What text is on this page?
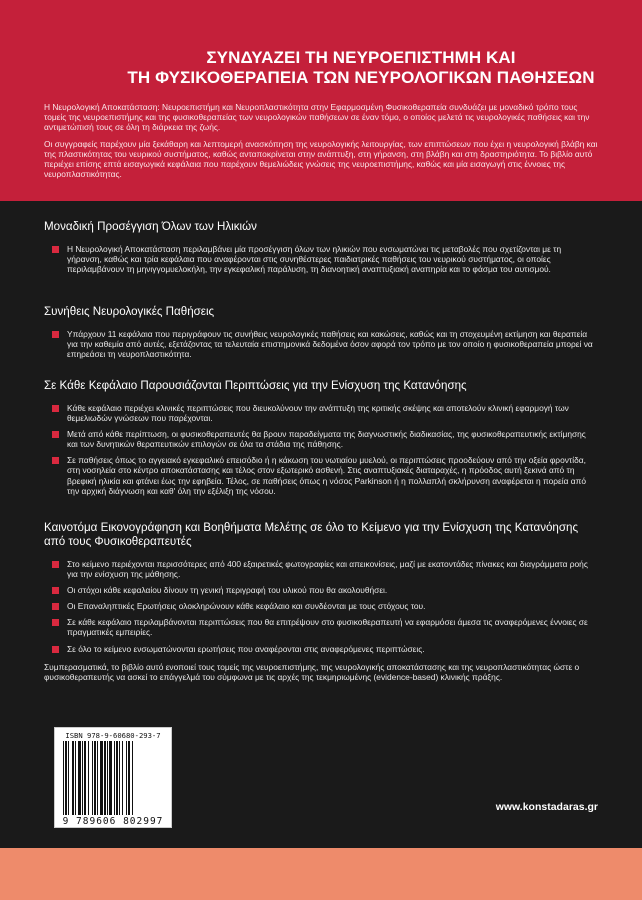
ΣΥΝΔΥΑΖΕΙ ΤΗ ΝΕΥΡΟΕΠΙΣΤΗΜΗ ΚΑΙ
ΤΗ ΦΥΣΙΚΟΘΕΡΑΠΕΙΑ ΤΩΝ ΝΕΥΡΟΛΟΓΙΚΩΝ ΠΑΘΗΣΕΩΝ

Η Νευρολογική Αποκατάσταση: Νευροεπιστήμη και Νευροπλαστικότητα στην Εφαρμοσμένη Φυσικοθεραπεία συνδυάζει με μοναδικό τρόπο τους τομείς της νευροεπιστήμης και της φυσικοθεραπείας των νευρολογικών παθήσεων σε έναν τόμο, ο οποίος μελετά τις νευρολογικές παθήσεις και την αντιμετώπισή τους σε όλη τη διάρκεια της ζωής.

Οι συγγραφείς παρέχουν μία ξεκάθαρη και λεπτομερή ανασκόπηση της νευρολογικής λειτουργίας, των επιπτώσεων που έχει η νευρολογική βλάβη και της πλαστικότητας του νευρικού συστήματος, καθώς ανταποκρίνεται στην ανάπτυξη, στη γήρανση, στη βλάβη και στη δραστηριότητα. Το βιβλίο αυτό περιέχει επίσης επτά εισαγωγικά κεφάλαια που παρέχουν θεμελιώδεις γνώσεις της νευροεπιστήμης, καθώς και μία εισαγωγή στις έννοιες της νευροπλαστικότητας.

Μοναδική Προσέγγιση Όλων των Ηλικιών
Η Νευρολογική Αποκατάσταση περιλαμβάνει μία προσέγγιση όλων των ηλικιών που ενσωματώνει τις μεταβολές που σχετίζονται με τη γήρανση, καθώς και τρία κεφάλαια που αναφέρονται στις συνηθέστερες παιδιατρικές παθήσεις του νευρικού συστήματος, οι οποίες περιλαμβάνουν τη μηνιγγομυελοκήλη, την εγκεφαλική παράλυση, τη διανοητική αναπτυξιακή αναπηρία και το φάσμα του αυτισμού.
Συνήθεις Νευρολογικές Παθήσεις
Υπάρχουν 11 κεφάλαια που περιγράφουν τις συνήθεις νευρολογικές παθήσεις και κακώσεις, καθώς και τη στοχευμένη εκτίμηση και θεραπεία για την καθεμία από αυτές, εξετάζοντας τα τελευταία επιστημονικά δεδομένα όσον αφορά τον τρόπο με τον οποίο η φυσικοθεραπεία μπορεί να επηρεάσει τη νευροπλαστικότητα.
Σε Κάθε Κεφάλαιο Παρουσιάζονται Περιπτώσεις για την Ενίσχυση της Κατανόησης
Κάθε κεφάλαιο περιέχει κλινικές περιπτώσεις που διευκολύνουν την ανάπτυξη της κριτικής σκέψης και αποτελούν κλινική εφαρμογή των θεμελιωδών γνώσεων που παρέχονται.
Μετά από κάθε περίπτωση, οι φυσικοθεραπευτές θα βρουν παραδείγματα της διαγνωστικής διαδικασίας, της φυσικοθεραπευτικής εκτίμησης και των δυνητικών θεραπευτικών επιλογών σε όλα τα στάδια της πάθησης.
Σε παθήσεις όπως το αγγειακό εγκεφαλικό επεισόδιο ή η κάκωση του νωτιαίου μυελού, οι περιπτώσεις προοδεύουν από την οξεία φροντίδα, στη νοσηλεία στο κέντρο αποκατάστασης και τέλος στον εξωτερικό ασθενή. Στις αναπτυξιακές διαταραχές, η πρόοδος αυτή ξεκινά από τη βρεφική ηλικία και φτάνει έως την εφηβεία. Τέλος, σε παθήσεις όπως η νόσος Parkinson ή η πολλαπλή σκλήρυνση αναφέρεται η πορεία από την αρχική διάγνωση και καθ' όλη την εξέλιξη της νόσου.
Καινοτόμα Εικονογράφηση και Βοηθήματα Μελέτης σε όλο το Κείμενο για την Ενίσχυση της Κατανόησης από τους Φυσικοθεραπευτές
Στο κείμενο περιέχονται περισσότερες από 400 εξαιρετικές φωτογραφίες και απεικονίσεις, μαζί με εκατοντάδες πίνακες και διαγράμματα ροής για την ενίσχυση της μάθησης.
Οι στόχοι κάθε κεφαλαίου δίνουν τη γενική περιγραφή του υλικού που θα ακολουθήσει.
Οι Επαναληπτικές Ερωτήσεις ολοκληρώνουν κάθε κεφάλαιο και συνδέονται με τους στόχους του.
Σε κάθε κεφάλαιο περιλαμβάνονται περιπτώσεις που θα επιτρέψουν στο φυσικοθεραπευτή να εφαρμόσει άμεσα τις αναφερόμενες έννοιες σε πραγματικές εμπειρίες.
Σε όλο το κείμενο ενσωματώνονται ερωτήσεις που αναφέρονται στις αναφερόμενες περιπτώσεις.
Συμπερασματικά, το βιβλίο αυτό ενοποιεί τους τομείς της νευροεπιστήμης, της νευρολογικής αποκατάστασης και της νευροπλαστικότητας ώστε ο φυσικοθεραπευτής να ασκεί το επάγγελμά του σύμφωνα με τις αρχές της τεκμηριωμένης (evidence-based) κλινικής πράξης.
ISBN 978-9-60680-293-7
9 789606 802997
www.konstadaras.gr
